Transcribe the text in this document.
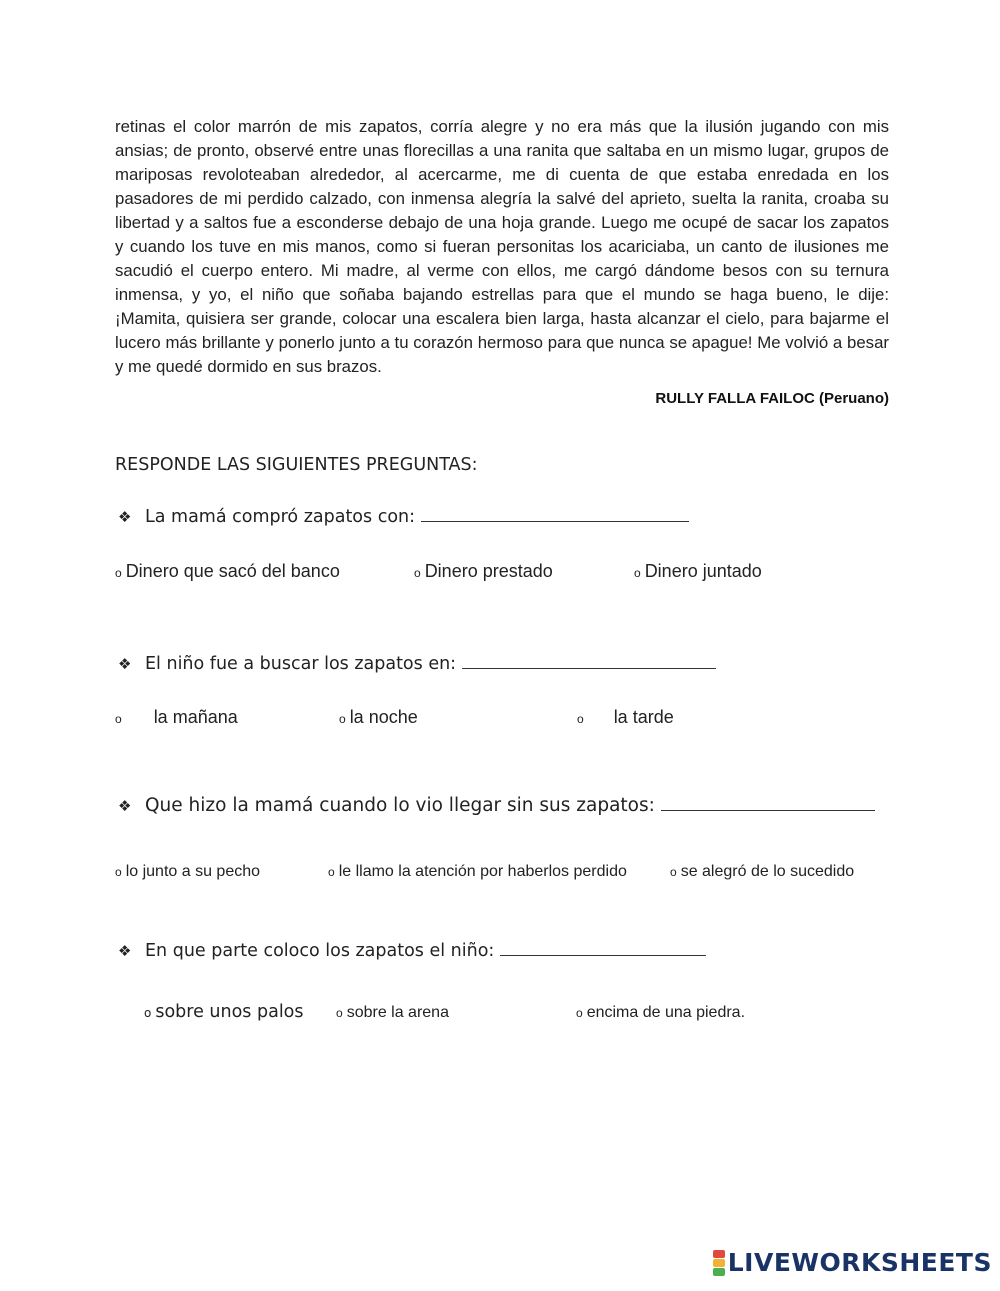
retinas el color marrón de mis zapatos, corría alegre y no era más que la ilusión jugando con mis ansias; de pronto, observé entre unas florecillas a una ranita que saltaba en un mismo lugar, grupos de mariposas revoloteaban alrededor, al acercarme, me di cuenta de que estaba enredada en los pasadores de mi perdido calzado, con inmensa alegría la salvé del aprieto, suelta la ranita, croaba su libertad y a saltos fue a esconderse debajo de una hoja grande. Luego me ocupé de sacar los zapatos y cuando los tuve en mis manos, como si fueran personitas los acariciaba, un canto de ilusiones me sacudió el cuerpo entero. Mi madre, al verme con ellos, me cargó dándome besos con su ternura inmensa, y yo, el niño que soñaba bajando estrellas para que el mundo se haga bueno, le dije: ¡Mamita, quisiera ser grande, colocar una escalera bien larga, hasta alcanzar el cielo, para bajarme el lucero más brillante y ponerlo junto a tu corazón hermoso para que nunca se apague! Me volvió a besar y me quedé dormido en sus brazos.
RULLY FALLA FAILOC (Peruano)
RESPONDE LAS SIGUIENTES PREGUNTAS:
❖ La mamá compró zapatos con:
o Dinero que sacó del banco	o Dinero prestado	o Dinero juntado
❖ El niño fue a buscar los zapatos en:
o la mañana	o la noche	o la tarde
❖ Que hizo la mamá cuando lo vio llegar sin sus zapatos:
o lo junto a su pecho	o le llamo la atención por haberlos perdido	o se alegró de lo sucedido
❖ En que parte coloco los zapatos el niño:
o sobre unos palos	o sobre la arena	o encima de una piedra.
LIVEWORKSHEETS
